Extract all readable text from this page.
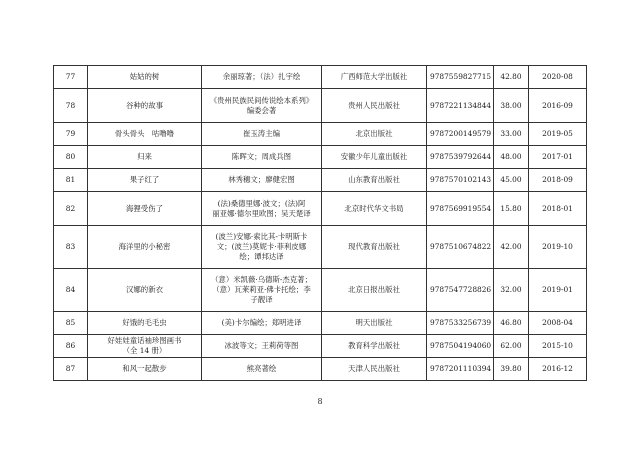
77	姑姑的树	余丽琼著；（法）扎宇绘	广西师范大学出版社	9787559827715	42.80	2020-08
78	谷种的故事	《贵州民族民间传说绘本系列》
编委会著	贵州人民出版社	9787221134844	38.00	2016-09
79	骨头骨头　咕噜噜	崔玉涛主编	北京出版社	9787200149579	33.00	2019-05
80	归来	陈晖文；周成兵图	安徽少年儿童出版社	9787539792644	48.00	2017-01
81	果子红了	林秀穗文；廖健宏图	山东教育出版社	9787570102143	45.00	2018-09
82	海狸受伤了	(法)桑德里娜·波文；(法)阿
丽亚娜·德尔里欧图；吴天楚译	北京时代华文书局	9787569919554	15.80	2018-01
83	海洋里的小秘密	(波兰)安娜·索比其-卡明斯卡
文；(波兰)莫妮卡·菲利皮娜
绘；谭邦达译	现代教育出版社	9787510674822	42.00	2019-10
84	汉娜的新衣	（意）米凯薇·乌德斯-杰克著；
（意）瓦莱莉亚·佛卡托绘；李
子靓译	北京日报出版社	9787547728826	32.00	2019-01
85	好饿的毛毛虫	(美)卡尔编绘；郑明进译	明天出版社	9787533256739	46.80	2008-04
86	好娃娃童话袖珍图画书
（全 14 册）	冰波等文；王莉荷等图	教育科学出版社	9787504194060	62.00	2015-10
87	和风一起散步	熊亮著绘	天津人民出版社	9787201110394	39.80	2016-12
8
